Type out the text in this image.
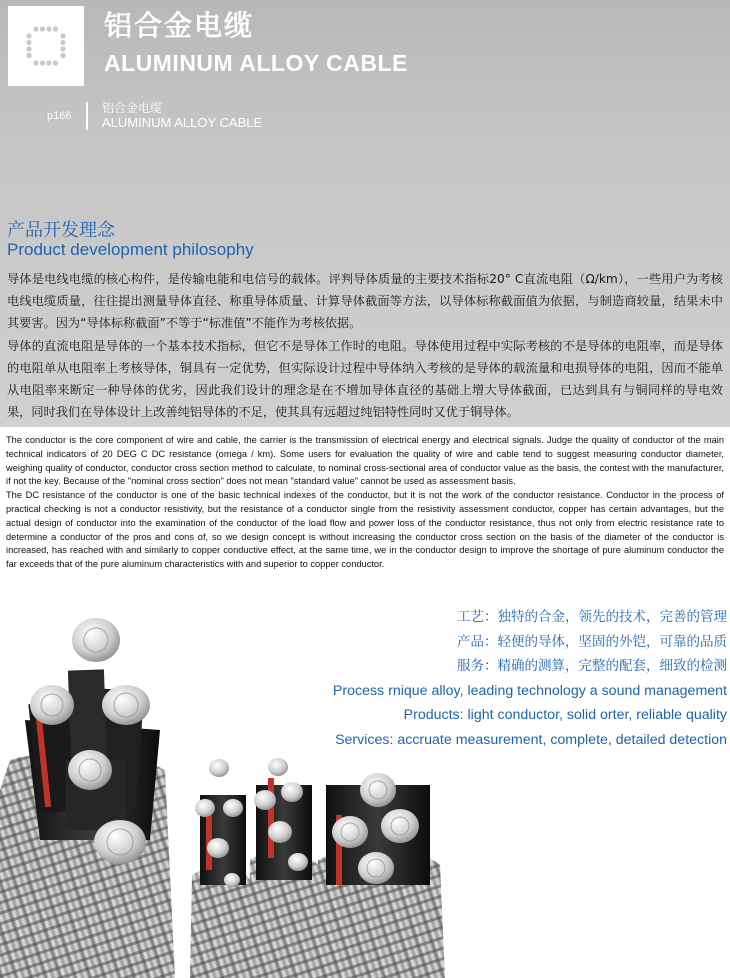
铝合金电缆
ALUMINUM ALLOY CABLE
p166
铝合金电缆
ALUMINUM ALLOY CABLE
产品开发理念
Product development philosophy

导体是电线电缆的核心构件，是传输电能和电信号的载体。评判导体质量的主要技术指标20° C直流电阻（Ω/km），一些用户为考核电线电缆质量，往往提出测量导体直径、称重导体质量、计算导体截面等方法，以导体标称截面值为依据，与制造商较量，结果未中其要害。因为“导体标称截面”不等于“标准值”不能作为考核依据。

导体的直流电阻是导体的一个基本技术指标，但它不是导体工作时的电阻。导体使用过程中实际考核的不是导体的电阻率，而是导体的电阻单从电阻率上考核导体，铜具有一定优势，但实际设计过程中导体纳入考核的是导体的载流量和电损导体的电阻，因而不能单从电阻率来断定一种导体的优劣，因此我们设计的理念是在不增加导体直径的基础上增大导体截面，已达到具有与铜同样的导电效果，同时我们在导体设计上改善纯铝导体的不足，使其具有远超过纯铝特性同时又优于铜导体。

The conductor is the core component of wire and cable, the carrier is the transmission of electrical energy and electrical signals. Judge the quality of conductor of the main technical indicators of 20 DEG C DC resistance (omega / km). Some users for evaluation the quality of wire and cable tend to suggest measuring conductor diameter, weighing quality of conductor, conductor cross section method to calculate, to nominal cross-sectional area of conductor value as the basis, the contest with the manufacturer, if not the key. Because of the "nominal cross section" does not mean "standard value" cannot be used as assessment basis.

The DC resistance of the conductor is one of the basic technical indexes of the conductor, but it is not the work of the conductor resistance. Conductor in the process of practical checking is not a conductor resistivity, but the resistance of a conductor single from the resistivity assessment conductor, copper has certain advantages, but the actual design of conductor into the examination of the conductor of the load flow and power loss of the conductor resistance, thus not only from electric resistance rate to determine a conductor of the pros and cons of, so we design concept is without increasing the conductor cross section on the basis of the diameter of the conductor is increased, has reached with and similarly to copper conductive effect, at the same time, we in the conductor design to improve the shortage of pure aluminum conductor the far exceeds that of the pure aluminum characteristics with and superior to copper conductor.

工艺：独特的合金，领先的技术，完善的管理
产品：轻便的导体，坚固的外铠，可靠的品质
服务：精确的测算，完整的配套，细致的检测
Process rnique alloy, leading technology a sound management
Products: light conductor, solid orter, reliable quality
Services: accruate measurement, complete, detailed detection
